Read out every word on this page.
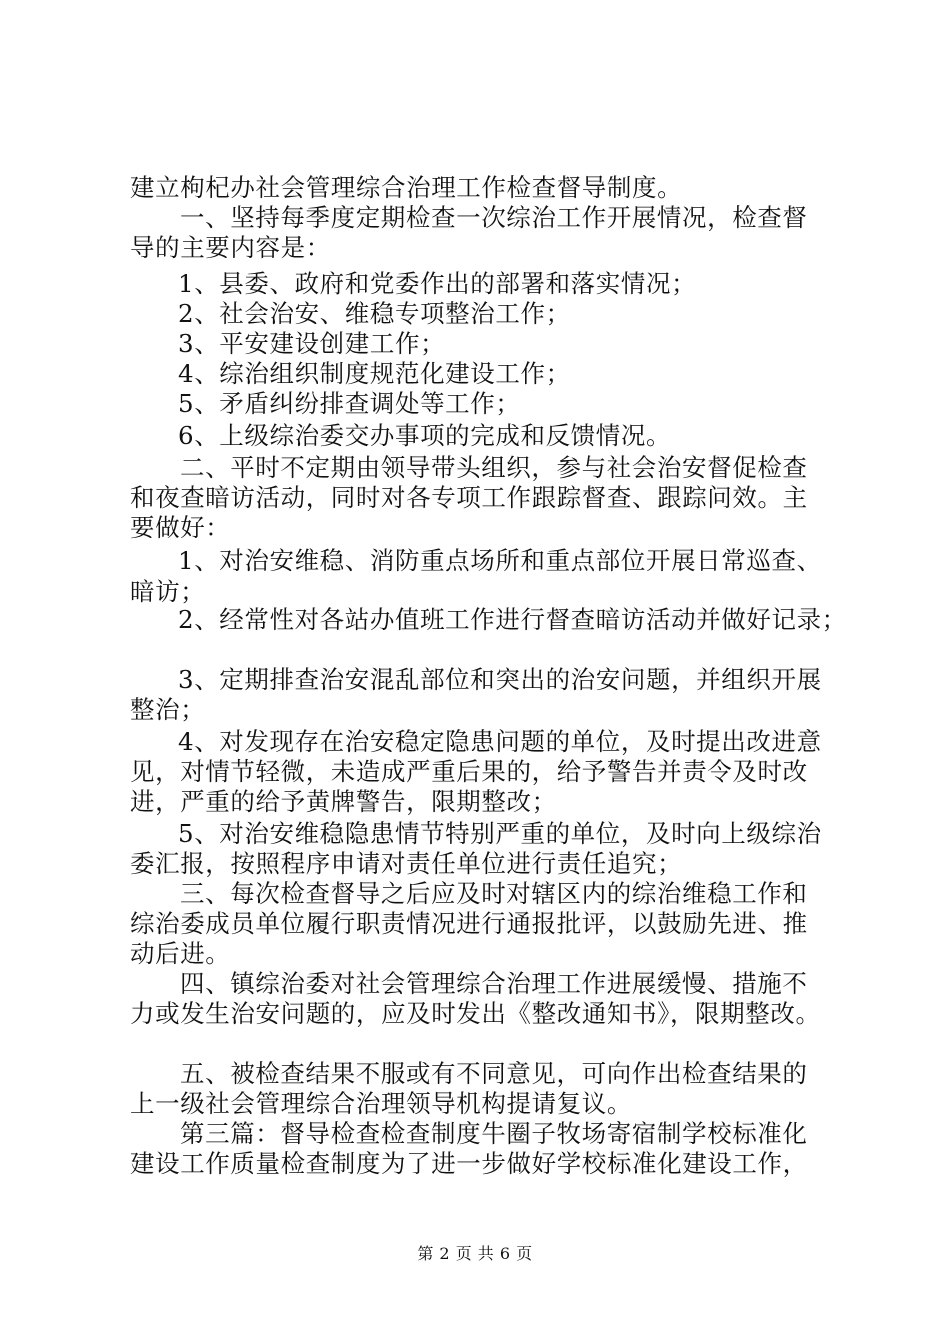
建立枸杞办社会管理综合治理工作检查督导制度。
一、坚持每季度定期检查一次综治工作开展情况，检查督
导的主要内容是：
1、县委、政府和党委作出的部署和落实情况；
2、社会治安、维稳专项整治工作；
3、平安建设创建工作；
4、综治组织制度规范化建设工作；
5、矛盾纠纷排查调处等工作；
6、上级综治委交办事项的完成和反馈情况。
二、平时不定期由领导带头组织，参与社会治安督促检查
和夜查暗访活动，同时对各专项工作跟踪督查、跟踪问效。主
要做好：
1、对治安维稳、消防重点场所和重点部位开展日常巡查、
暗访；
2、经常性对各站办值班工作进行督查暗访活动并做好记录；
3、定期排查治安混乱部位和突出的治安问题，并组织开展
整治；
4、对发现存在治安稳定隐患问题的单位，及时提出改进意
见，对情节轻微，未造成严重后果的，给予警告并责令及时改
进，严重的给予黄牌警告，限期整改；
5、对治安维稳隐患情节特别严重的单位，及时向上级综治
委汇报，按照程序申请对责任单位进行责任追究；
三、每次检查督导之后应及时对辖区内的综治维稳工作和
综治委成员单位履行职责情况进行通报批评，以鼓励先进、推
动后进。
四、镇综治委对社会管理综合治理工作进展缓慢、措施不
力或发生治安问题的，应及时发出《整改通知书》，限期整改。
五、被检查结果不服或有不同意见，可向作出检查结果的
上一级社会管理综合治理领导机构提请复议。
第三篇：督导检查检查制度牛圈子牧场寄宿制学校标准化
建设工作质量检查制度为了进一步做好学校标准化建设工作，
第 2 页 共 6 页
